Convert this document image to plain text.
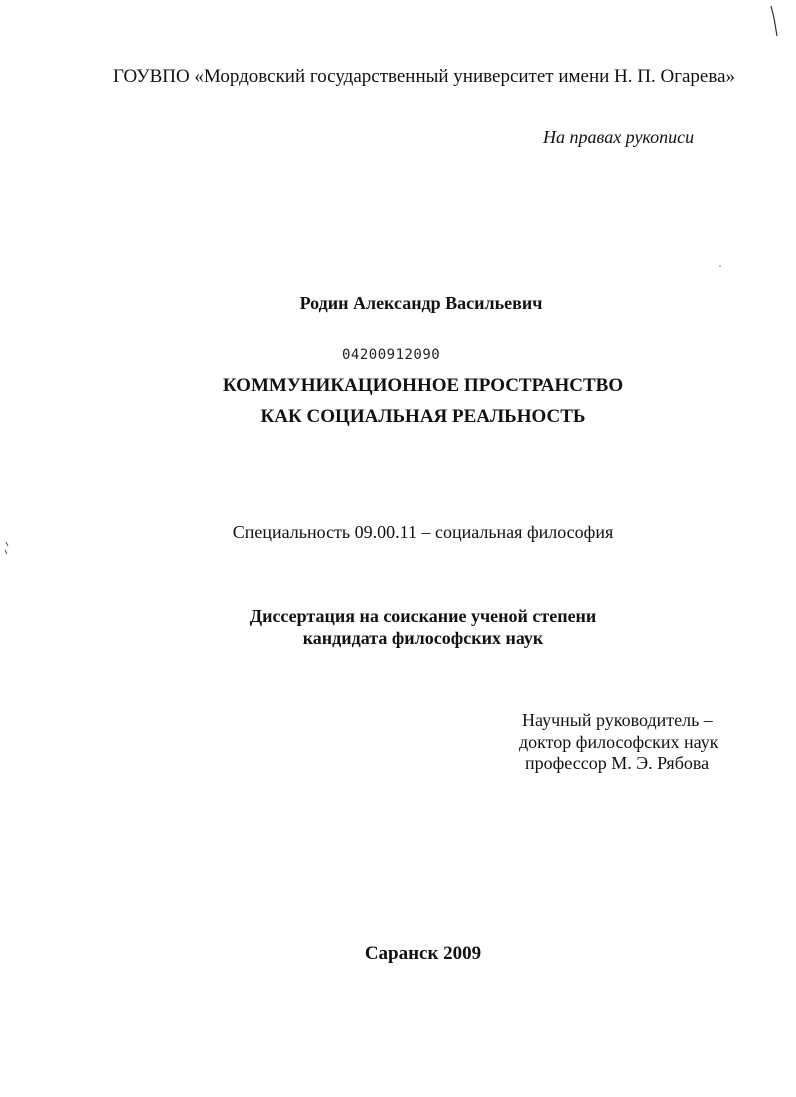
ГОУВПО «Мордовский государственный университет имени Н. П. Огарева»
На правах рукописи
Родин Александр Васильевич
04200912090
КОММУНИКАЦИОННОЕ ПРОСТРАНСТВО
КАК СОЦИАЛЬНАЯ РЕАЛЬНОСТЬ
Специальность 09.00.11 – социальная философия
Диссертация на соискание ученой степени
кандидата философских наук
Научный руководитель –
доктор философских наук
профессор М. Э. Рябова
Саранск 2009
